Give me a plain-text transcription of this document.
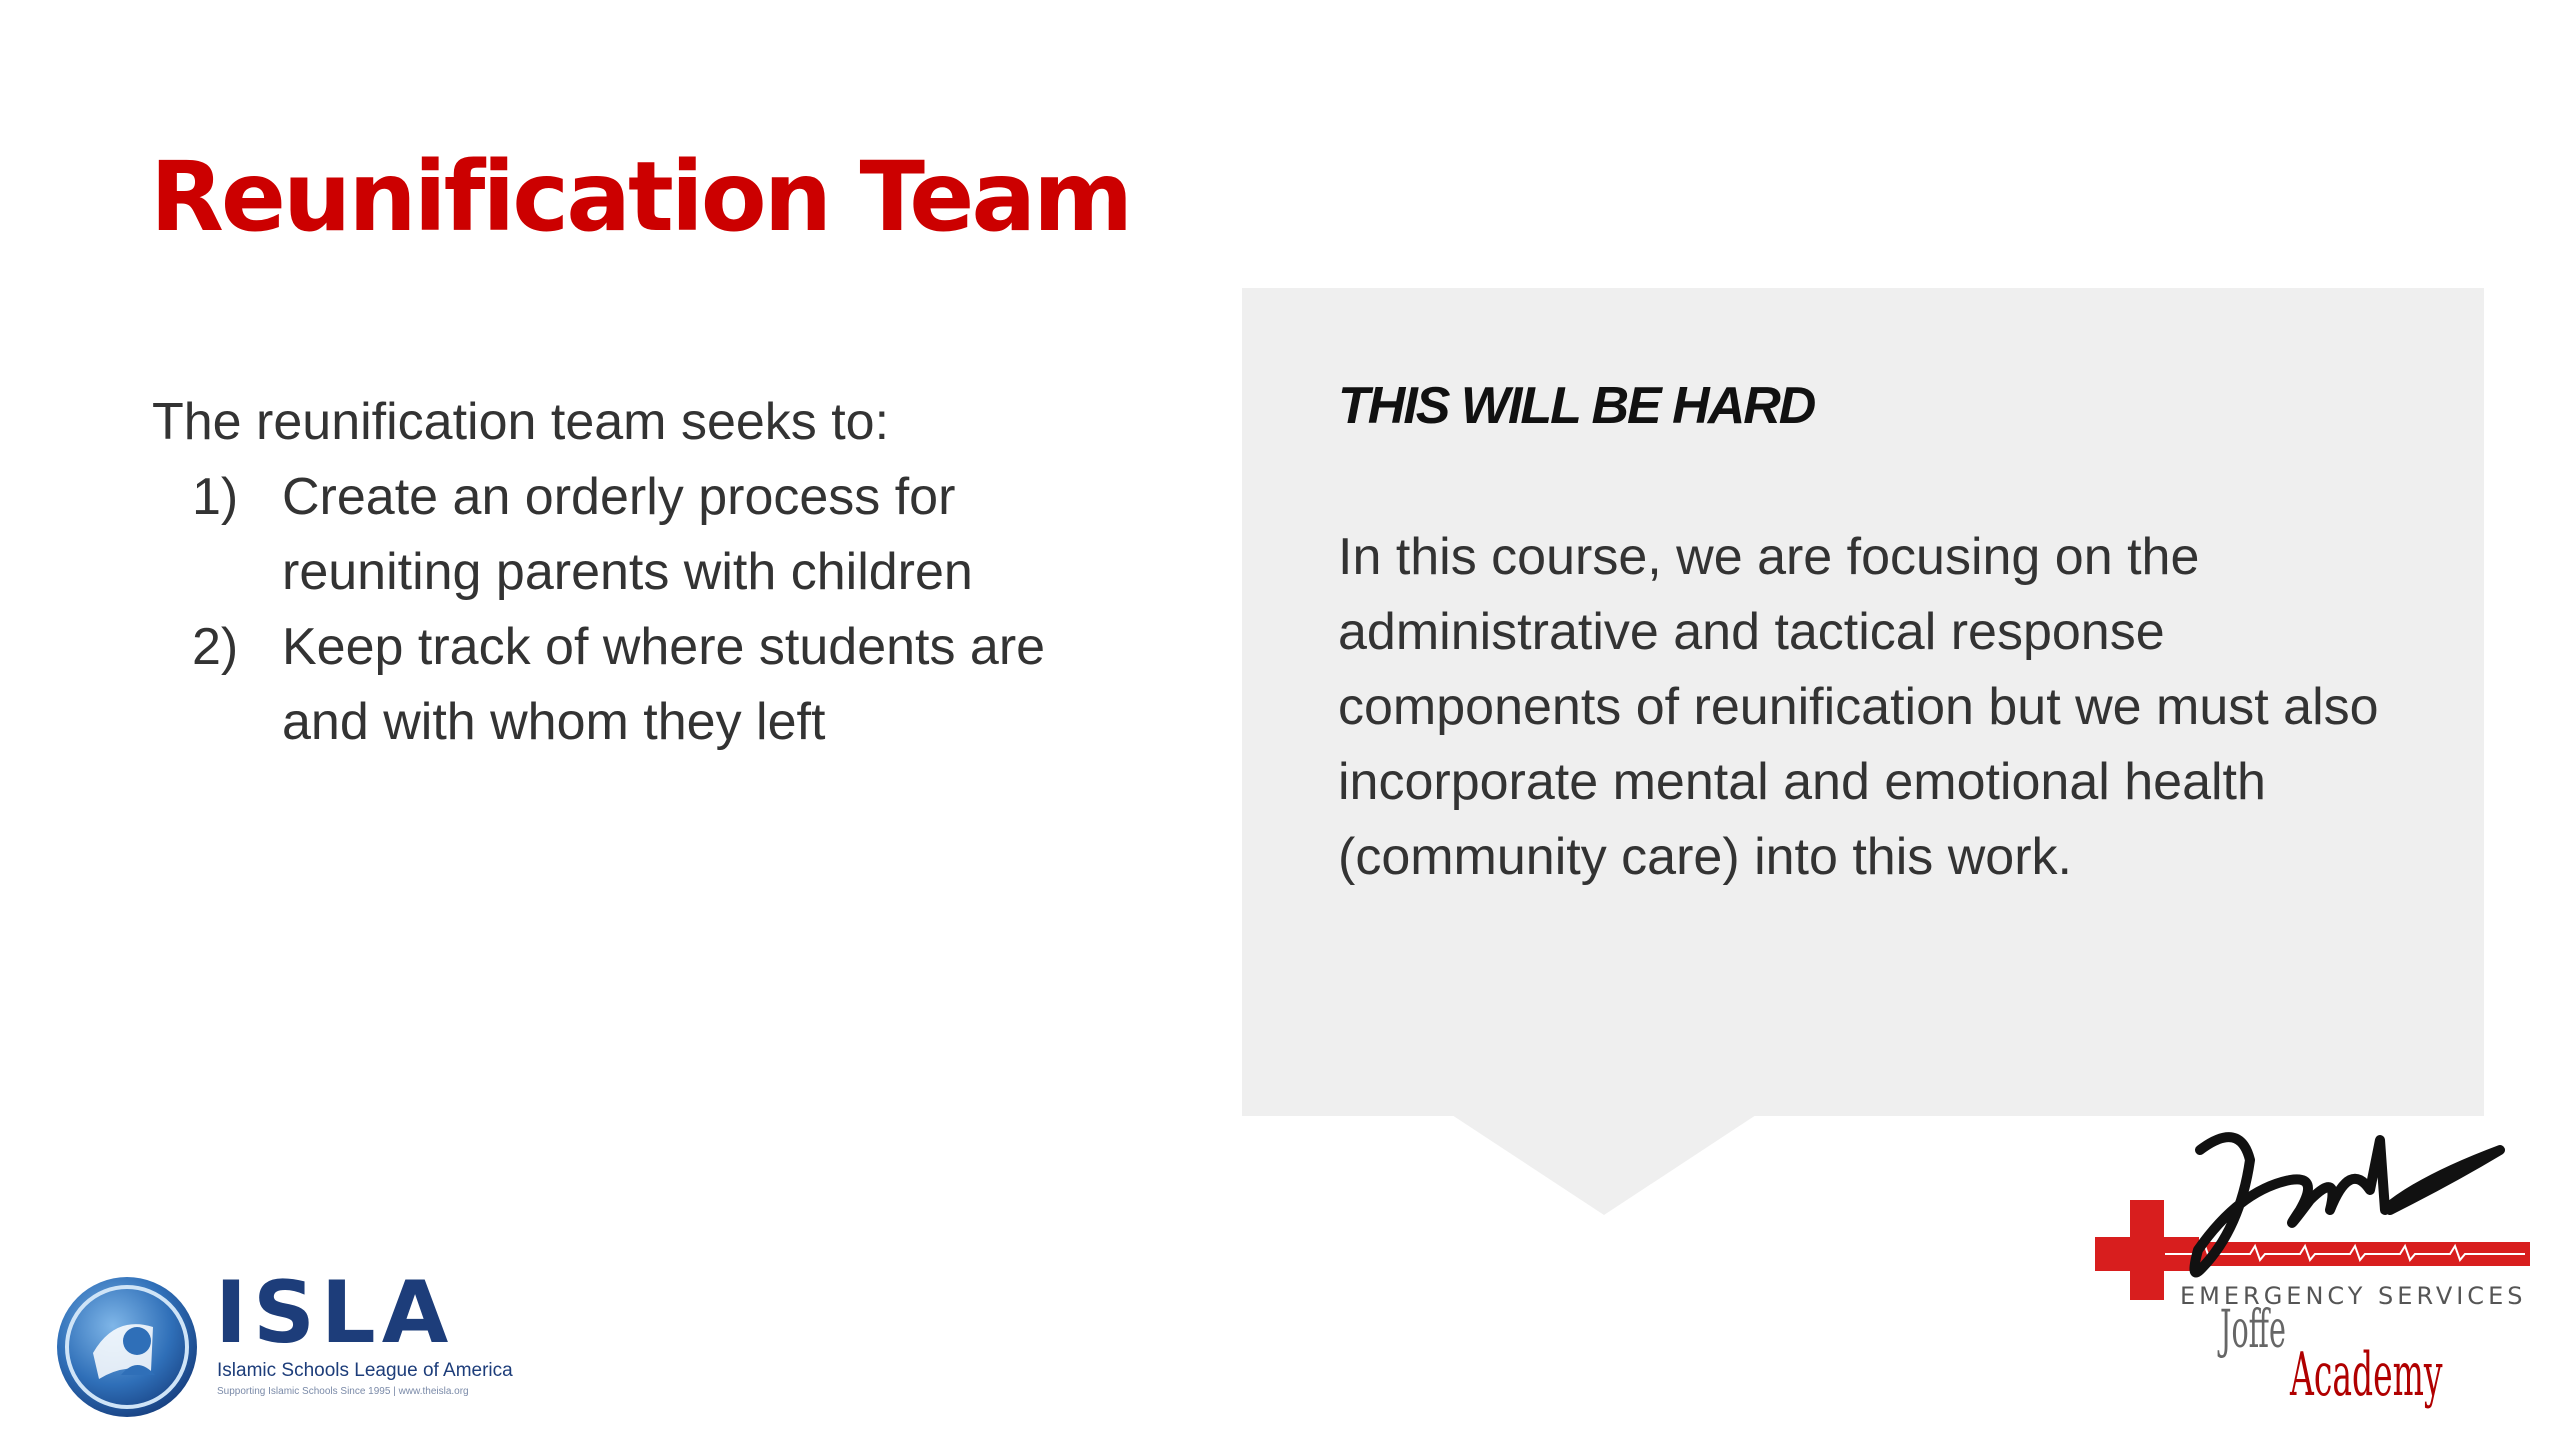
Reunification Team
The reunification team seeks to:
1) Create an orderly process for
reuniting parents with children
2) Keep track of where students are
and with whom they left
THIS WILL BE HARD
In this course, we are focusing on the
administrative and tactical response
components of reunification but we must also
incorporate mental and emotional health
(community care) into this work.
ISLA
Islamic Schools League of America
Supporting Islamic Schools Since 1995 | www.theisla.org
EMERGENCY SERVICES
Joffe
Academy
